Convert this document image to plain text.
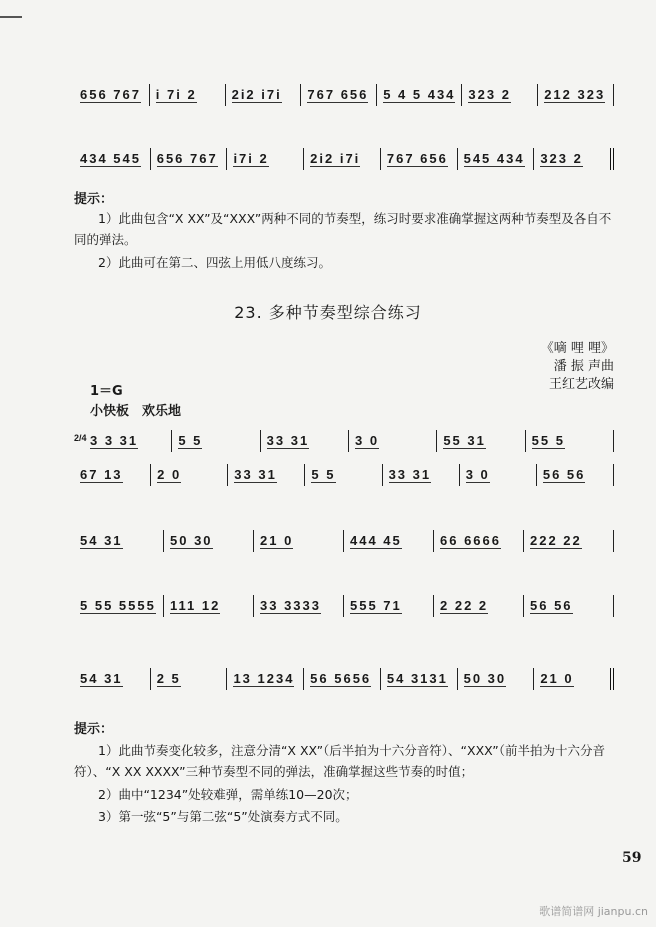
656 767 i 7i 2	2i2 i7i 767 656 5 4 5 434 323 2	212 323
434 545 656 767 i7i 2	2i2 i7i 767 656 545 434 323 2
提示：
1）此曲包含“X XX”及“XXX”两种不同的节奏型，练习时要求准确掌握这两种节奏型及各自不同的弹法。
2）此曲可在第二、四弦上用低八度练习。
23. 多种节奏型综合练习
《嘀 哩 哩》
潘 振 声曲
王红艺改编
1＝G
小快板　欢乐地
2/4 3 3 31	5 5	33 31	3 0	55 31	55 5
67 13	2 0	33 31	5 5	33 31	3 0	56 56
54 31	50 30	21 0	444 45	66 6666 222 22
5 55 5555 111 12	33 3333 555 71	2 22 2	56 56
54 31	2 5	13 1234 56 5656 54 3131 50 30	21 0
提示：
1）此曲节奏变化较多，注意分清“X XX”（后半拍为十六分音符）、“XXX”（前半拍为十六分音符）、“X XX XXXX”三种节奏型不同的弹法，准确掌握这些节奏的时值；
2）曲中“1234”处较难弹，需单练10—20次；
3）第一弦“5”与第二弦“5”处演奏方式不同。
59
歌谱简谱网 jianpu.cn
